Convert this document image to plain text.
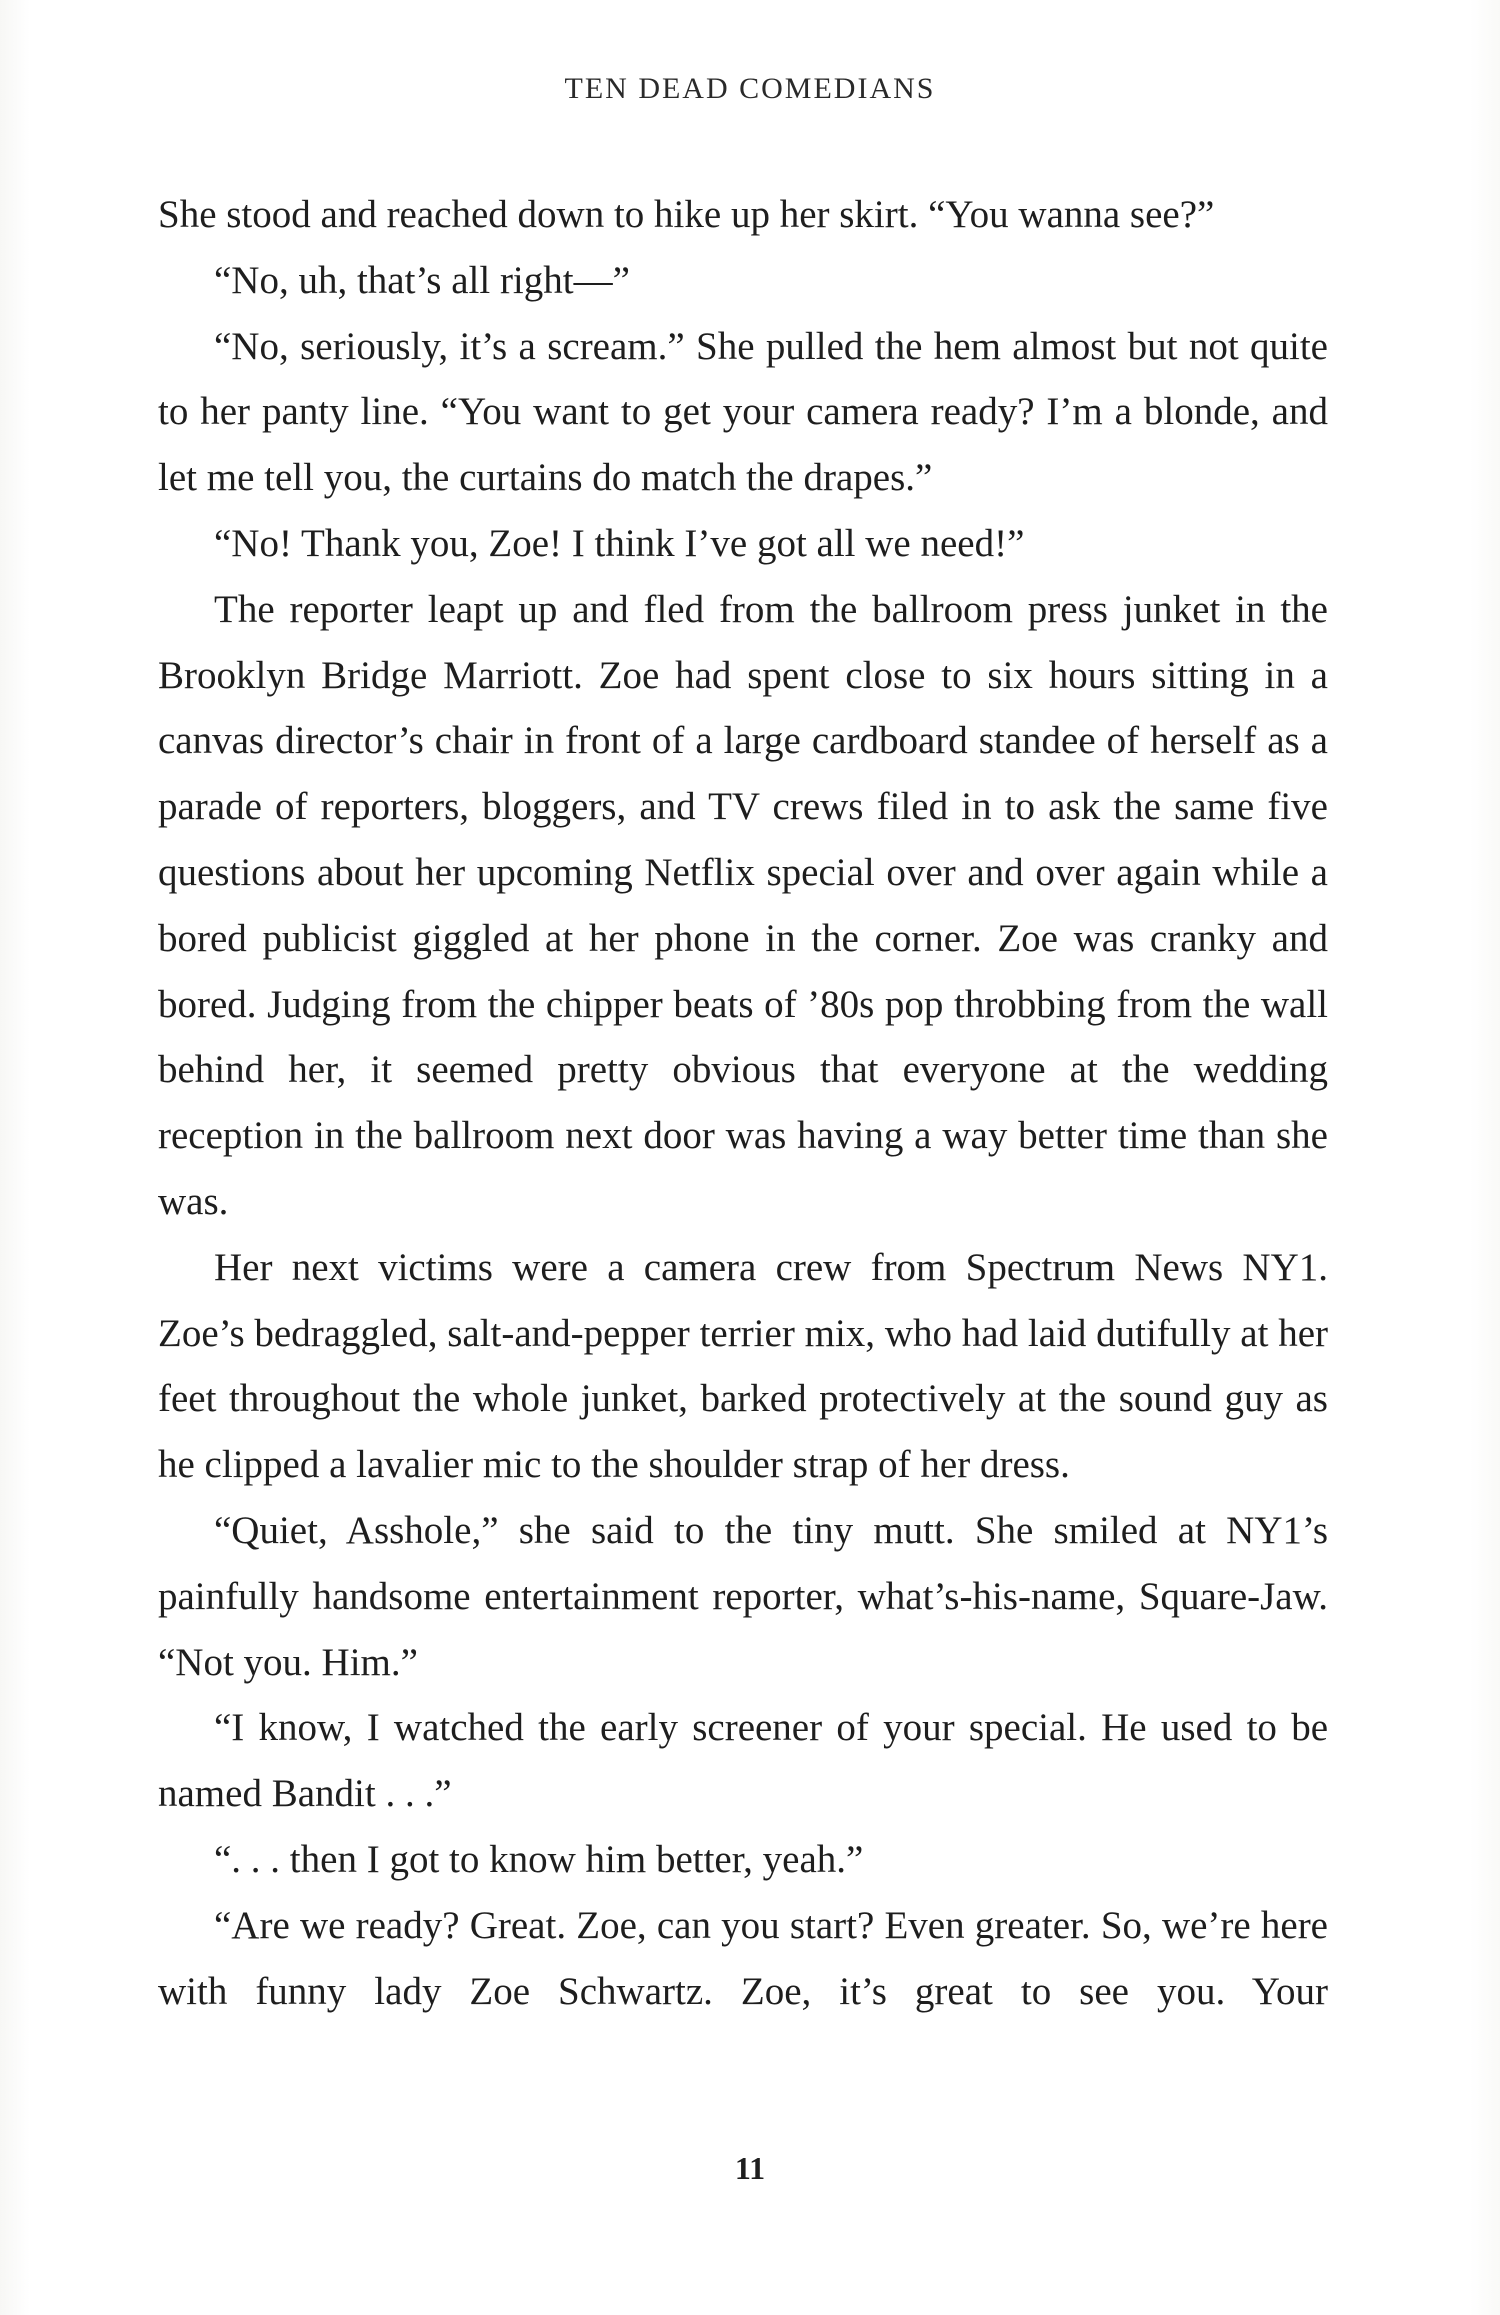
TEN DEAD COMEDIANS

She stood and reached down to hike up her skirt. “You wanna see?”

“No, uh, that’s all right—”

“No, seriously, it’s a scream.” She pulled the hem almost but not quite to her panty line. “You want to get your camera ready? I’m a blonde, and let me tell you, the curtains do match the drapes.”

“No! Thank you, Zoe! I think I’ve got all we need!”

The reporter leapt up and fled from the ballroom press junket in the Brooklyn Bridge Marriott. Zoe had spent close to six hours sitting in a canvas director’s chair in front of a large cardboard standee of herself as a parade of reporters, bloggers, and TV crews filed in to ask the same five questions about her upcoming Netflix special over and over again while a bored publicist giggled at her phone in the corner. Zoe was cranky and bored. Judging from the chipper beats of ’80s pop throbbing from the wall behind her, it seemed pretty obvious that everyone at the wedding reception in the ballroom next door was having a way better time than she was.

Her next victims were a camera crew from Spectrum News NY1. Zoe’s bedraggled, salt-and-pepper terrier mix, who had laid dutifully at her feet throughout the whole junket, barked protectively at the sound guy as he clipped a lavalier mic to the shoulder strap of her dress.

“Quiet, Asshole,” she said to the tiny mutt. She smiled at NY1’s painfully handsome entertainment reporter, what’s-his-name, Square-Jaw. “Not you. Him.”

“I know, I watched the early screener of your special. He used to be named Bandit . . .”

“. . . then I got to know him better, yeah.”

“Are we ready? Great. Zoe, can you start? Even greater. So, we’re here with funny lady Zoe Schwartz. Zoe, it’s great to see you. Your

11
